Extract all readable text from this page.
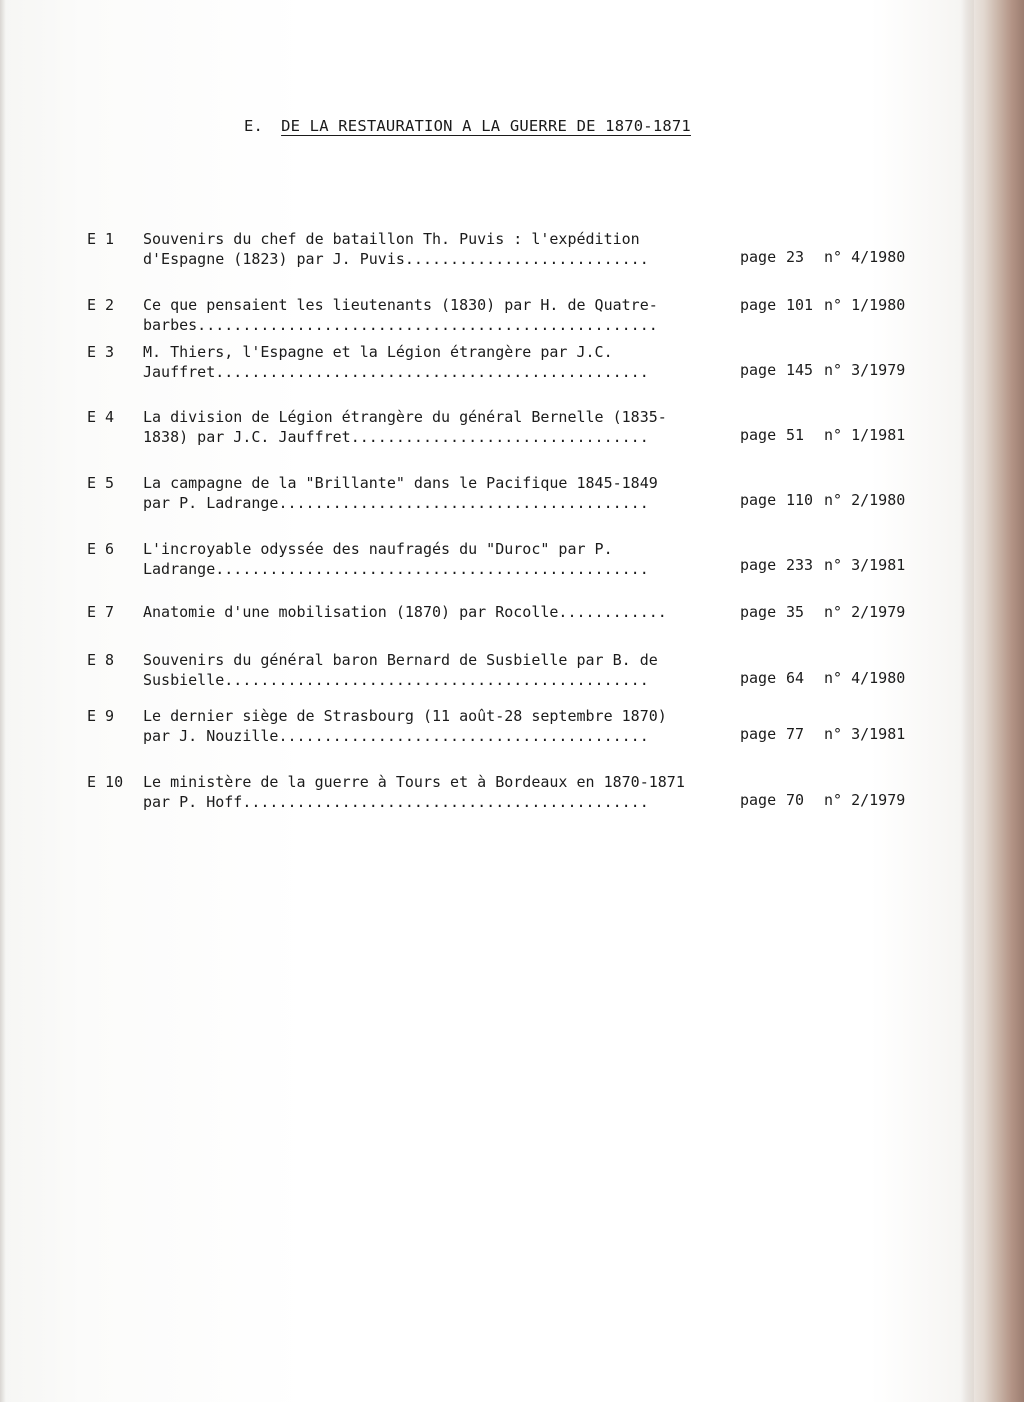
E. DE LA RESTAURATION A LA GUERRE DE 1870-1871

E 1

Souvenirs du chef de bataillon Th. Puvis : l'expédition
d'Espagne (1823) par J. Puvis...........................

	page 23 n° 4/1980

E 2

Ce que pensaient les lieutenants (1830) par H. de Quatre-
barbes...................................................

page 101 n° 1/1980

E 3

M. Thiers, l'Espagne et la Légion étrangère par J.C.
Jauffret................................................

	page 145 n° 3/1979

E 4

La division de Légion étrangère du général Bernelle (1835-
1838) par J.C. Jauffret.................................

	page 51 n° 1/1981

E 5

La campagne de la "Brillante" dans le Pacifique 1845-1849
par P. Ladrange.........................................

	page 110 n° 2/1980

E 6

L'incroyable odyssée des naufragés du "Duroc" par P.
Ladrange................................................

	page 233 n° 3/1981

E 7

Anatomie d'une mobilisation (1870) par Rocolle............

	page 35 n° 2/1979

E 8

Souvenirs du général baron Bernard de Susbielle par B. de
Susbielle...............................................

	page 64 n° 4/1980

E 9

Le dernier siège de Strasbourg (11 août-28 septembre 1870)
par J. Nouzille.........................................

	page 77 n° 3/1981

E 10

Le ministère de la guerre à Tours et à Bordeaux en 1870-1871
par P. Hoff.............................................

	page 70 n° 2/1979
